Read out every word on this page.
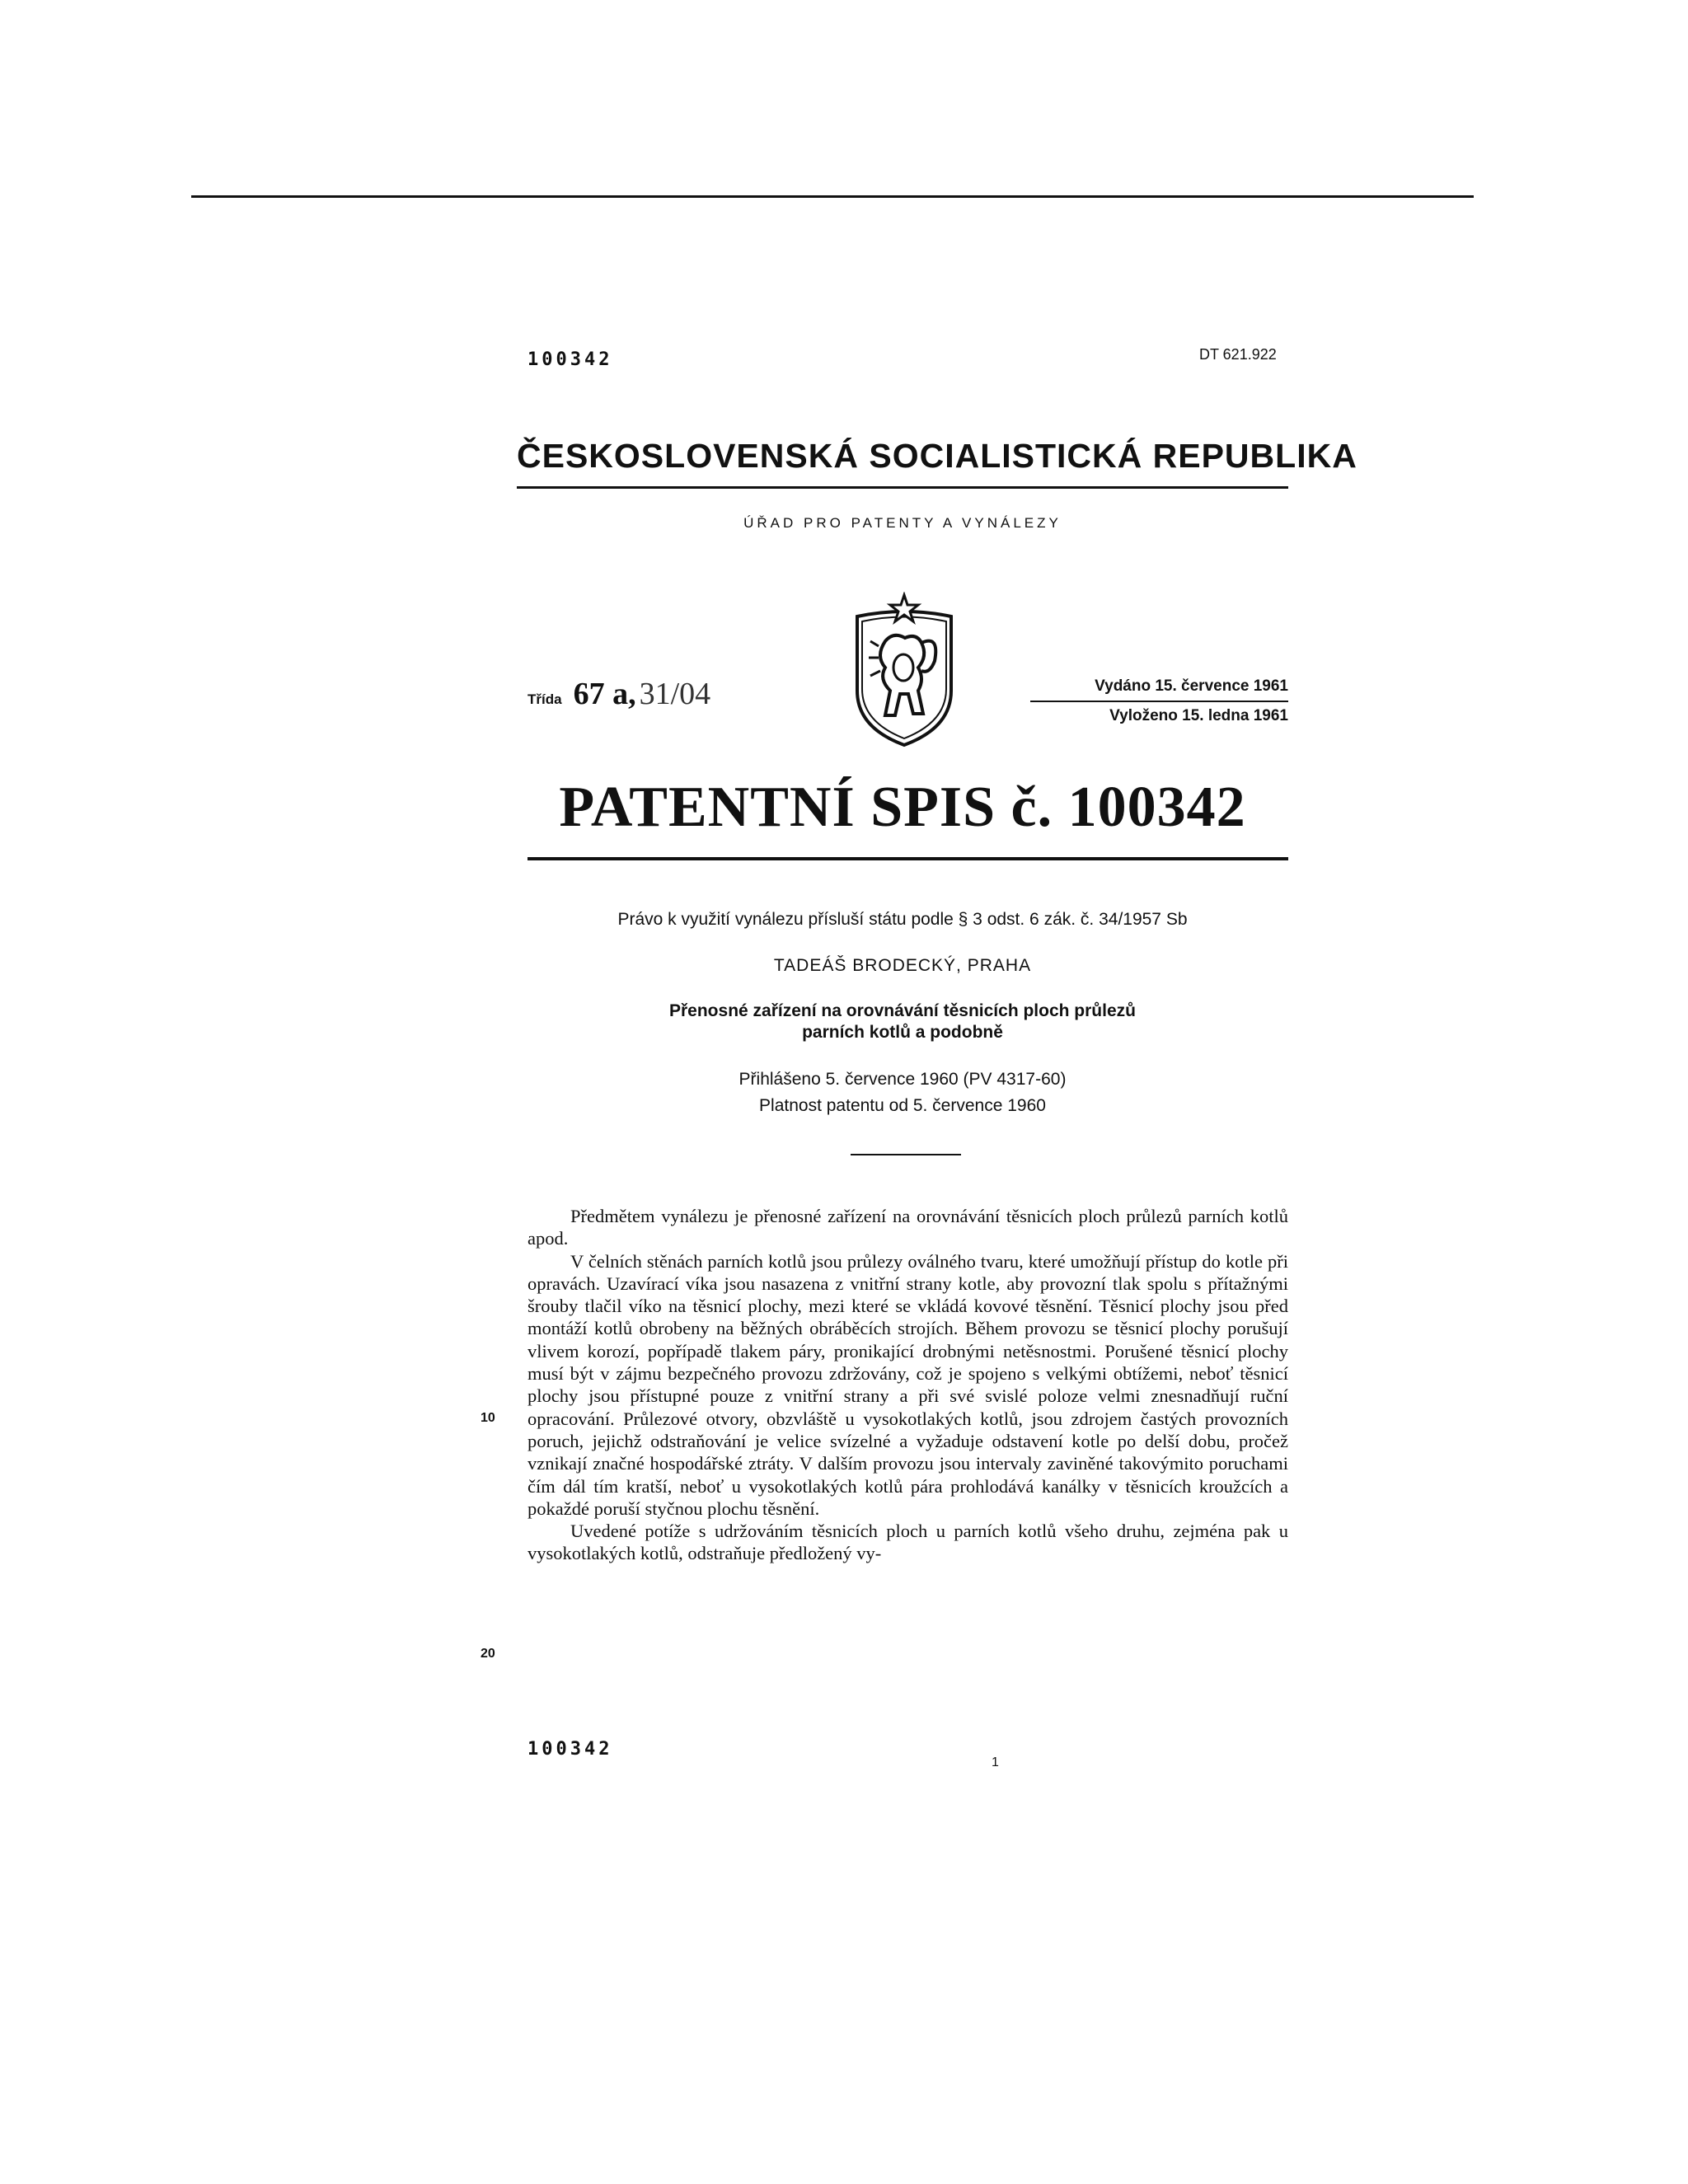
100342	DT 621.922
ČESKOSLOVENSKÁ SOCIALISTICKÁ REPUBLIKA
ÚŘAD PRO PATENTY A VYNÁLEZY
Třída 67 a, 31/04	Vydáno 15. července 1961
Vyloženo 15. ledna 1961
PATENTNÍ SPIS č. 100342
Právo k využití vynálezu přísluší státu podle § 3 odst. 6 zák. č. 34/1957 Sb
TADEÁŠ BRODECKÝ, PRAHA
Přenosné zařízení na orovnávání těsnicích ploch průlezů
parních kotlů a podobně
Přihlášeno 5. července 1960 (PV 4317-60)
Platnost patentu od 5. července 1960

Předmětem vynálezu je přenosné zařízení na orovnávání těsnicích ploch průlezů parních kotlů apod.

V čelních stěnách parních kotlů jsou průlezy oválného tvaru, které umožňují přístup do kotle při opravách. Uzavírací víka jsou nasazena z vnitřní strany kotle, aby provozní tlak spolu s přítažnými šrouby tlačil víko na těsnicí plochy, mezi které se vkládá kovové těsnění. Těsnicí plochy jsou před montáží kotlů obrobeny na běžných obráběcích strojích. Během provozu se těsnicí plochy porušují vlivem korozí, popřípadě tlakem páry, pronikající drobnými netěsnostmi. Porušené těsnicí plochy musí být v zájmu bezpečného provozu zdržovány, což je spojeno s velkými obtížemi, neboť těsnicí plochy jsou přístupné pouze z vnitřní strany a při své svislé poloze velmi znesnadňují ruční opracování. Průlezové otvory, obzvláště u vysokotlakých kotlů, jsou zdrojem častých provozních poruch, jejichž odstraňování je velice svízelné a vyžaduje odstavení kotle po delší dobu, pročež vznikají značné hospodářské ztráty. V dalším provozu jsou intervaly zaviněné takovýmito poruchami čím dál tím kratší, neboť u vysokotlakých kotlů pára prohlodává kanálky v těsnicích kroužcích a pokaždé poruší styčnou plochu těsnění.

Uvedené potíže s udržováním těsnicích ploch u parních kotlů všeho druhu, zejména pak u vysokotlakých kotlů, odstraňuje předložený vy-

10
20
100342
1
